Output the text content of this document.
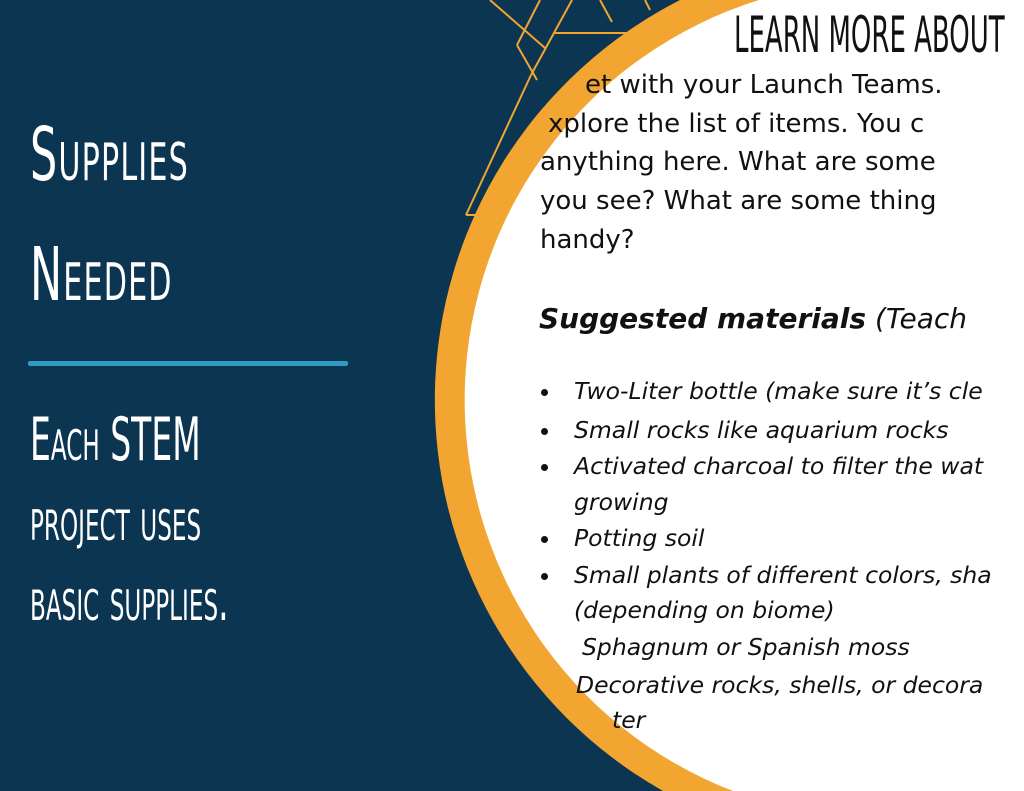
Supplies
Needed
Each STEM
project uses
basic supplies.
LEARN MORE ABOUT
et with your Launch Teams.
xplore the list of items. You c
anything here. What are some
you see? What are some thing
handy?
Suggested materials (Teach
Two-Liter bottle (make sure it’s cle
Small rocks like aquarium rocks
Activated charcoal to filter the wat
growing
Potting soil
Small plants of different colors, sha
(depending on biome)
Sphagnum or Spanish moss
Decorative rocks, shells, or decora
ter
